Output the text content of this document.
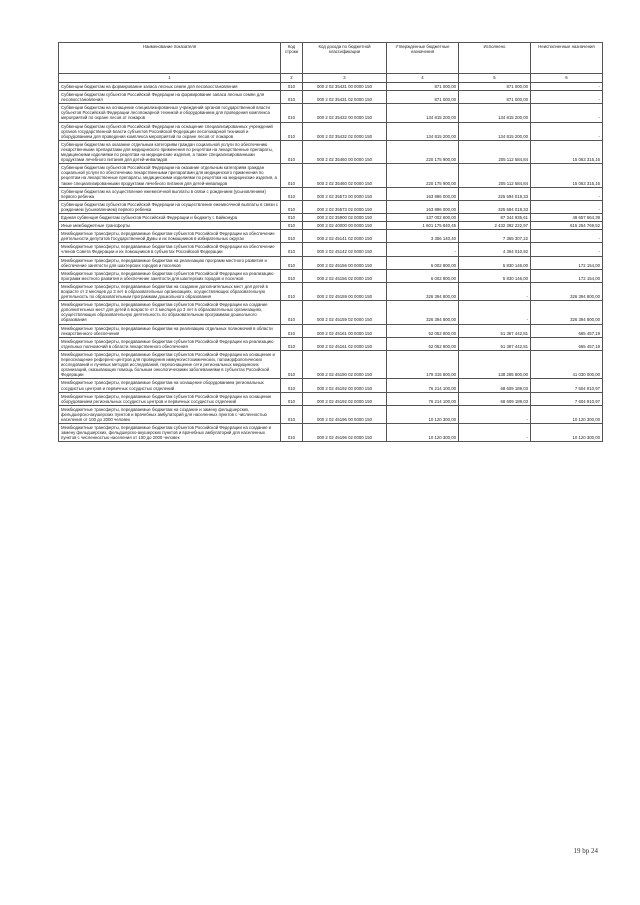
Наименование показателя	Код строки	Код дохода по бюджетной классификации	Утвержденные бюджетные назначения	Исполнено	Неисполненные назначения
1	2	3	4	5	6
Субвенции бюджетам на формирование запаса лесных семян для лесовосстановления	010	000 2 02 35431 00 0000 150	871 000,00	871 000,00	-
Субвенции бюджетам субъектов Российской Федерации на формирование запаса лесных семян для лесовосстановления	010	000 2 02 35431 02 0000 150	871 000,00	871 000,00	-
Субвенции бюджетам на оснащение специализированных учреждений органов государственной власти субъектов Российской Федерации лесопожарной техникой и оборудованием для проведения комплекса мероприятий по охране лесов от пожаров	010	000 2 02 35432 00 0000 150	134 815 200,00	134 815 200,00	-
Субвенции бюджетам субъектов Российской Федерации на оснащение специализированных учреждений органов государственной власти субъектов Российской Федерации лесопожарной техникой и оборудованием для проведения комплекса мероприятий по охране лесов от пожаров	010	000 2 02 35432 02 0000 150	134 815 200,00	134 815 200,00	-
Субвенции бюджетам на оказание отдельным категориям граждан социальной услуги по обеспечению лекарственными препаратами для медицинского применения по рецептам на лекарственные препараты, медицинскими изделиями по рецептам на медицинские изделия, а также специализированными продуктами лечебного питания для детей-инвалидов	010	000 2 02 35460 00 0000 150	220 175 900,00	205 112 584,84	15 063 315,16
Субвенции бюджетам субъектов Российской Федерации на оказание отдельным категориям граждан социальной услуги по обеспечению лекарственными препаратами для медицинского применения по рецептам на лекарственные препараты, медицинскими изделиями по рецептам на медицинские изделия, а также специализированными продуктами лечебного питания для детей-инвалидов	010	000 2 02 35460 02 0000 150	220 175 900,00	205 112 584,84	15 063 315,16
Субвенции бюджетам на осуществление ежемесячной выплаты в связи с рождением (усыновлением) первого ребенка	010	000 2 02 35573 00 0000 150	163 896 000,00	325 594 018,33	-
Субвенции бюджетам субъектов Российской Федерации на осуществление ежемесячной выплаты в связи с рождением (усыновлением) первого ребенка	010	000 2 02 35573 02 0000 150	163 896 000,00	325 594 018,33	-
Единая субвенция бюджетам субъектов Российской Федерации и бюджету г. Байконура	010	000 2 02 35900 02 0000 150	137 002 600,00	87 344 935,61	49 657 664,39
Иные межбюджетные трансферты	010	000 2 02 40000 00 0000 150	1 601 175 840,45	2 432 392 222,97	615 254 769,52
Межбюджетные трансферты, передаваемые бюджетам субъектов Российской Федерации на обеспечение деятельности депутатов Государственной Думы и их помощников в избирательных округах	010	000 2 02 45141 02 0000 150	3 356 140,40	7 365 307,22	-
Межбюджетные трансферты, передаваемые бюджетам субъектов Российской Федерации на обеспечение членов Совета Федерации и их помощников в субъектах Российской Федерации	010	000 2 02 45142 02 0000 150	-	4 364 010,92	-
Межбюджетные трансферты, передаваемые бюджетам на реализацию программ местного развития и обеспечение занятости для шахтерских городов и поселков	010	000 2 02 45156 00 0000 150	6 002 800,00	5 830 146,00	172 154,00
Межбюджетные трансферты, передаваемые бюджетам субъектов Российской Федерации на реализацию программ местного развития и обеспечение занятости для шахтерских городов и поселков	010	000 2 02 45156 02 0000 150	6 002 800,00	5 830 146,00	172 154,00
Межбюджетные трансферты, передаваемые бюджетам на создание дополнительных мест для детей в возрасте от 2 месяцев до 3 лет в образовательных организациях, осуществляющих образовательную деятельность по образовательным программам дошкольного образования	010	000 2 02 45159 00 0000 150	326 394 800,00	-	326 394 800,00
Межбюджетные трансферты, передаваемые бюджетам субъектов Российской Федерации на создание дополнительных мест для детей в возрасте от 2 месяцев до 3 лет в образовательных организациях, осуществляющих образовательную деятельность по образовательным программам дошкольного образования	010	000 2 02 45159 02 0000 150	326 394 800,00	-	326 394 800,00
Межбюджетные трансферты, передаваемые бюджетам на реализацию отдельных полномочий в области лекарственного обеспечения	010	000 2 02 45161 00 0000 150	52 052 900,00	51 387 442,81	665 457,19
Межбюджетные трансферты, передаваемые бюджетам субъектов Российской Федерации на реализацию отдельных полномочий в области лекарственного обеспечения	010	000 2 02 45161 02 0000 150	52 052 900,00	51 387 442,81	665 457,19
Межбюджетные трансферты, передаваемые бюджетам субъектов Российской Федерации на оснащение и переоснащение референс-центров для проведения иммуногистохимических, патоморфологических исследований и лучевых методов исследований, переоснащение сети региональных медицинских организаций, оказывающих помощь больным онкологическими заболеваниями в субъектах Российской Федерации	010	000 2 02 45190 02 0000 150	179 315 800,00	138 285 800,00	41 030 000,00
Межбюджетные трансферты, передаваемые бюджетам на оснащение оборудованием региональных сосудистых центров и первичных сосудистых отделений	010	000 2 02 45192 00 0000 150	76 214 100,00	68 609 189,03	7 604 910,97
Межбюджетные трансферты, передаваемые бюджетам субъектов Российской Федерации на оснащение оборудованием региональных сосудистых центров и первичных сосудистых отделений	010	000 2 02 45192 02 0000 150	76 214 100,00	68 609 189,03	7 604 910,97
Межбюджетные трансферты, передаваемые бюджетам на создание и замену фельдшерских, фельдшерско-акушерских пунктов и врачебных амбулаторий для населенных пунктов с численностью населения от 100 до 2000 человек	010	000 2 02 45196 00 0000 150	10 120 300,00	-	10 120 300,00
Межбюджетные трансферты, передаваемые бюджетам субъектов Российской Федерации на создание и замену фельдшерских, фельдшерско-акушерских пунктов и врачебных амбулаторий для населенных пунктов с численностью населения от 100 до 2000 человек	010	000 2 02 45196 02 0000 150	10 120 300,00	-	10 120 300,00
19 bp 24
